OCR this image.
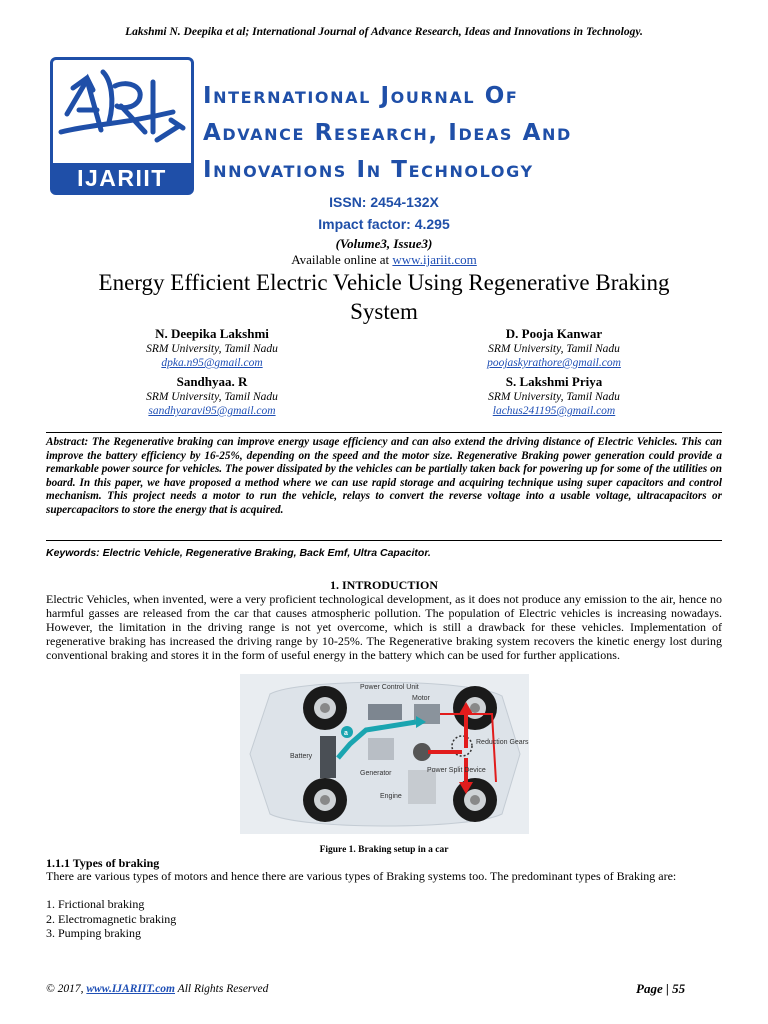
Lakshmi N. Deepika et al; International Journal of Advance Research, Ideas and Innovations in Technology.
IJARIIT
International Journal Of
Advance Research, Ideas And
Innovations In Technology
ISSN: 2454-132X
Impact factor: 4.295
(Volume3, Issue3)
Available online at www.ijariit.com
Energy Efficient Electric Vehicle Using Regenerative Braking
System
N. Deepika Lakshmi
SRM University, Tamil Nadu
dpka.n95@gmail.com
D. Pooja Kanwar
SRM University, Tamil Nadu
poojaskyrathore@gmail.com
Sandhyaa. R
SRM University, Tamil Nadu
sandhyaravi95@gmail.com
S. Lakshmi Priya
SRM University, Tamil Nadu
lachus241195@gmail.com
Abstract: The Regenerative braking can improve energy usage efficiency and can also extend the driving distance of Electric Vehicles. This can improve the battery efficiency by 16-25%, depending on the speed and the motor size. Regenerative Braking power generation could provide a remarkable power source for vehicles. The power dissipated by the vehicles can be partially taken back for powering up for some of the utilities on board. In this paper, we have proposed a method where we can use rapid storage and acquiring technique using super capacitors and control mechanism. This project needs a motor to run the vehicle, relays to convert the reverse voltage into a usable voltage, ultracapacitors or supercapacitors to store the energy that is acquired.
Keywords: Electric Vehicle, Regenerative Braking, Back Emf, Ultra Capacitor.
1. INTRODUCTION
Electric Vehicles, when invented, were a very proficient technological development, as it does not produce any emission to the air, hence no harmful gasses are released from the car that causes atmospheric pollution. The population of Electric vehicles is increasing nowadays. However, the limitation in the driving range is not yet overcome, which is still a drawback for these vehicles. Implementation of regenerative braking has increased the driving range by 10-25%. The Regenerative braking system recovers the kinetic energy lost during conventional braking and stores it in the form of useful energy in the battery which can be used for further applications.
Power Control Unit
Motor
Battery
Generator
Engine
Power Split Device
Reduction Gears
a
Figure 1. Braking setup in a car
1.1.1 Types of braking
There are various types of motors and hence there are various types of Braking systems too. The predominant types of Braking are:
1. Frictional braking
2. Electromagnetic braking
3. Pumping braking
© 2017, www.IJARIIT.com All Rights Reserved	Page | 55
